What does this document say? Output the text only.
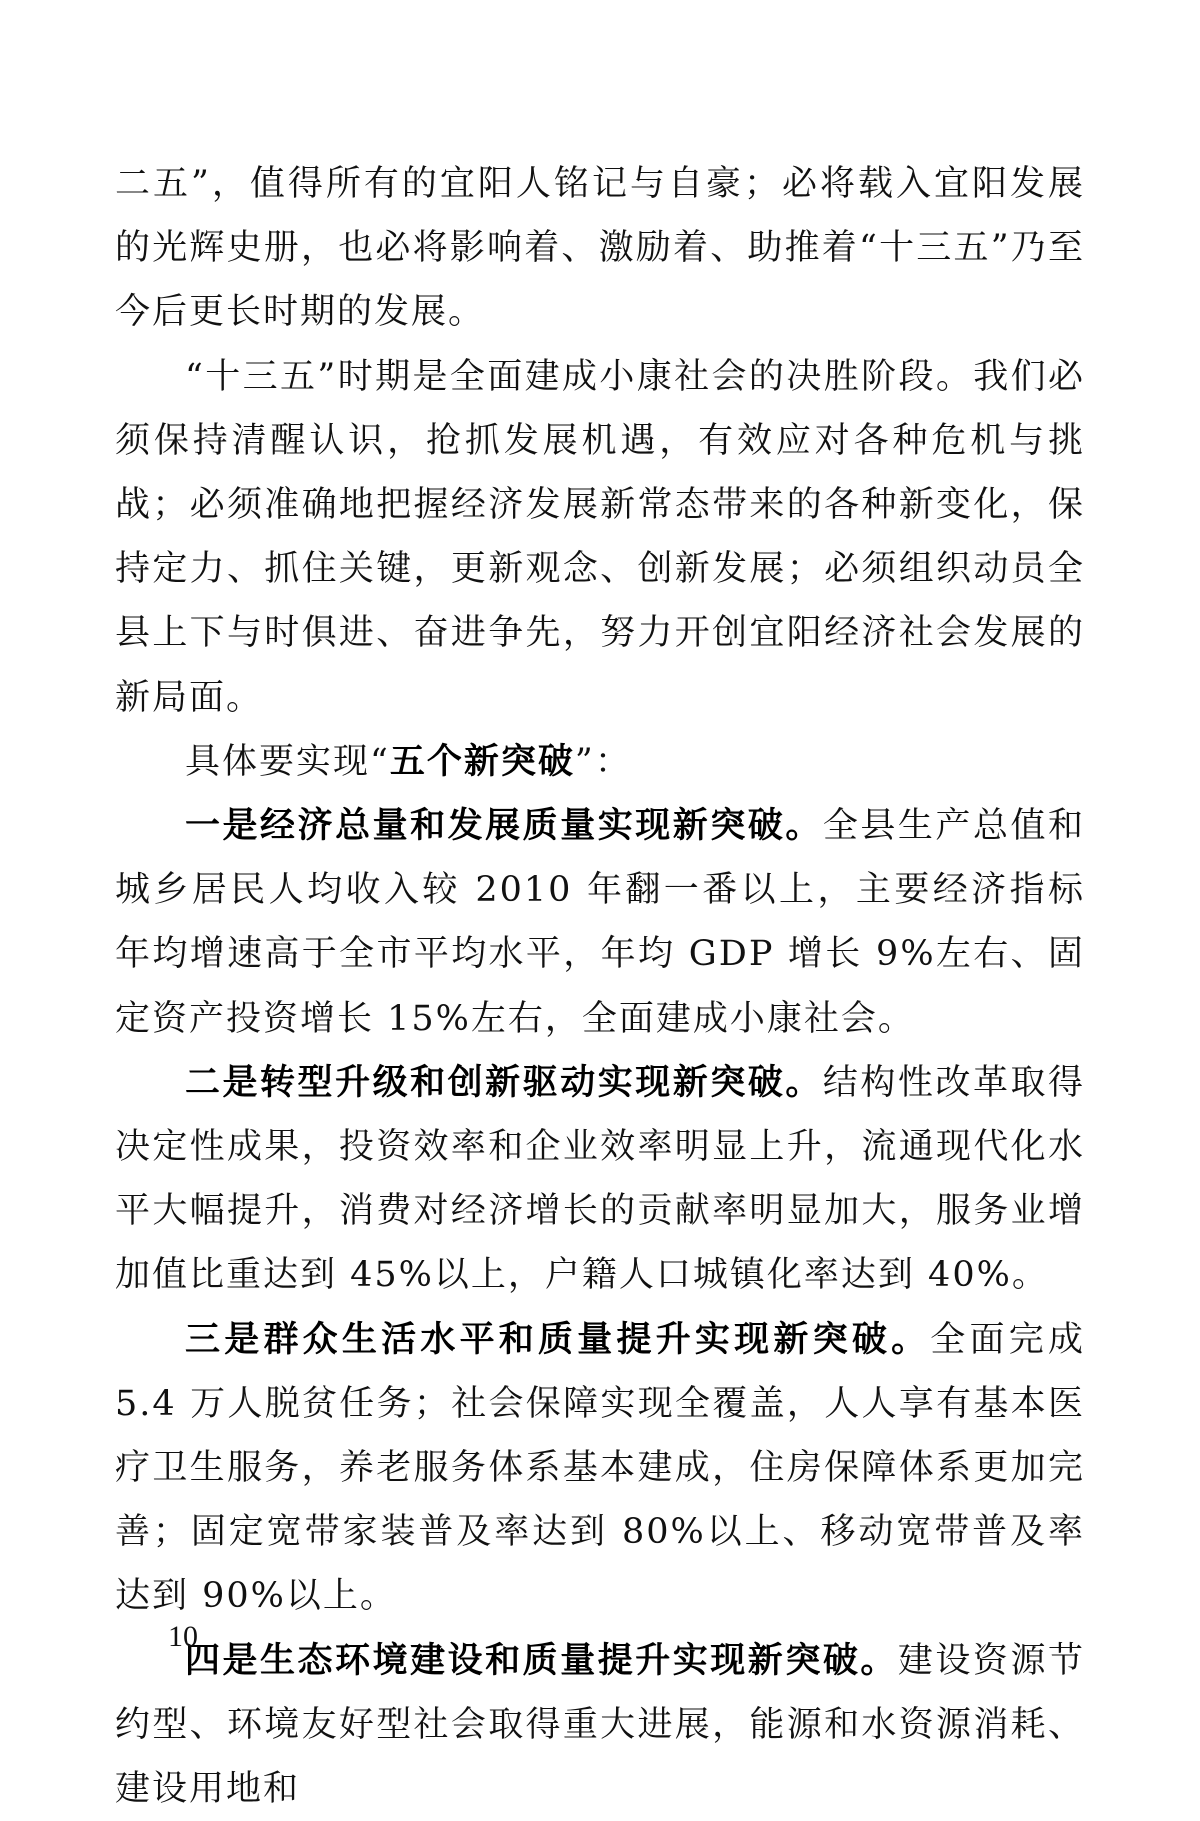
二五”，值得所有的宜阳人铭记与自豪；必将载入宜阳发展的光辉史册，也必将影响着、激励着、助推着“十三五”乃至今后更长时期的发展。

“十三五”时期是全面建成小康社会的决胜阶段。我们必须保持清醒认识，抢抓发展机遇，有效应对各种危机与挑战；必须准确地把握经济发展新常态带来的各种新变化，保持定力、抓住关键，更新观念、创新发展；必须组织动员全县上下与时俱进、奋进争先，努力开创宜阳经济社会发展的新局面。

具体要实现“五个新突破”：

一是经济总量和发展质量实现新突破。全县生产总值和城乡居民人均收入较 2010 年翻一番以上，主要经济指标年均增速高于全市平均水平，年均 GDP 增长 9%左右、固定资产投资增长 15%左右，全面建成小康社会。

二是转型升级和创新驱动实现新突破。结构性改革取得决定性成果，投资效率和企业效率明显上升，流通现代化水平大幅提升，消费对经济增长的贡献率明显加大，服务业增加值比重达到 45%以上，户籍人口城镇化率达到 40%。

三是群众生活水平和质量提升实现新突破。全面完成 5.4 万人脱贫任务；社会保障实现全覆盖，人人享有基本医疗卫生服务，养老服务体系基本建成，住房保障体系更加完善；固定宽带家装普及率达到 80%以上、移动宽带普及率达到 90%以上。

四是生态环境建设和质量提升实现新突破。建设资源节约型、环境友好型社会取得重大进展，能源和水资源消耗、建设用地和

10
